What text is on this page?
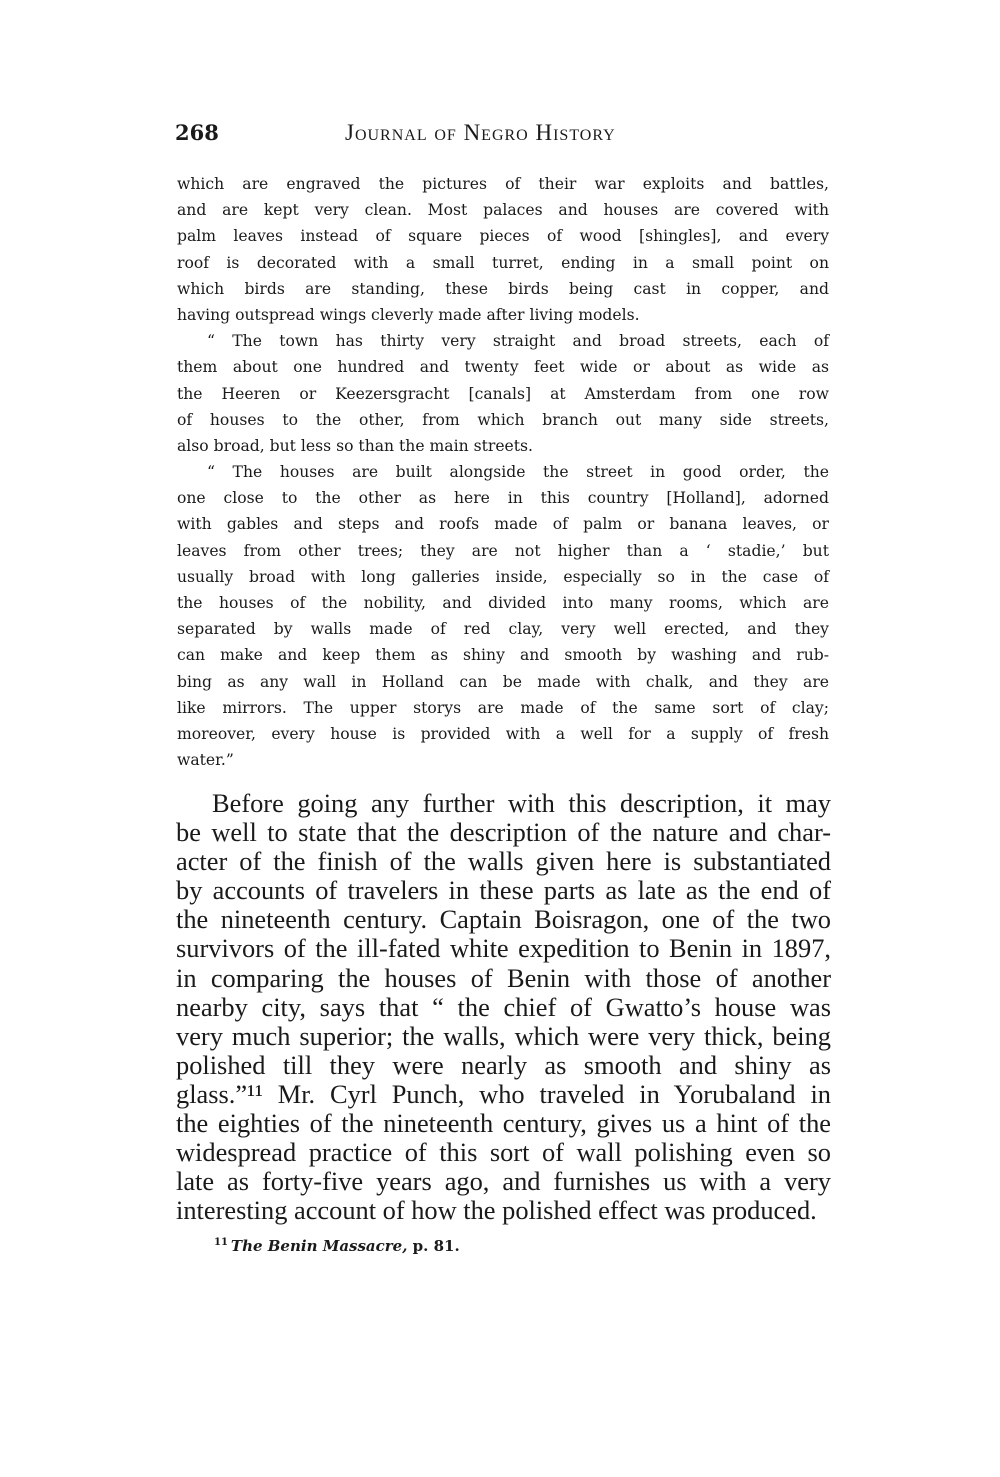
268	Journal of Negro History
which are engraved the pictures of their war exploits and battles,
and are kept very clean. Most palaces and houses are covered with
palm leaves instead of square pieces of wood [shingles], and every
roof is decorated with a small turret, ending in a small point on
which birds are standing, these birds being cast in copper, and
having outspread wings cleverly made after living models.
“ The town has thirty very straight and broad streets, each of
them about one hundred and twenty feet wide or about as wide as
the Heeren or Keezersgracht [canals] at Amsterdam from one row
of houses to the other, from which branch out many side streets,
also broad, but less so than the main streets.
“ The houses are built alongside the street in good order, the
one close to the other as here in this country [Holland], adorned
with gables and steps and roofs made of palm or banana leaves, or
leaves from other trees; they are not higher than a ‘ stadie,’ but
usually broad with long galleries inside, especially so in the case of
the houses of the nobility, and divided into many rooms, which are
separated by walls made of red clay, very well erected, and they
can make and keep them as shiny and smooth by washing and rub-
bing as any wall in Holland can be made with chalk, and they are
like mirrors. The upper storys are made of the same sort of clay;
moreover, every house is provided with a well for a supply of fresh
water.”
Before going any further with this description, it may
be well to state that the description of the nature and char-
acter of the finish of the walls given here is substantiated
by accounts of travelers in these parts as late as the end of
the nineteenth century. Captain Boisragon, one of the two
survivors of the ill-fated white expedition to Benin in 1897,
in comparing the houses of Benin with those of another
nearby city, says that “ the chief of Gwatto’s house was
very much superior; the walls, which were very thick, being
polished till they were nearly as smooth and shiny as
glass.”¹¹ Mr. Cyrl Punch, who traveled in Yorubaland in
the eighties of the nineteenth century, gives us a hint of the
widespread practice of this sort of wall polishing even so
late as forty-five years ago, and furnishes us with a very
interesting account of how the polished effect was produced.
$^{11}$ The Benin Massacre, p. 81.
